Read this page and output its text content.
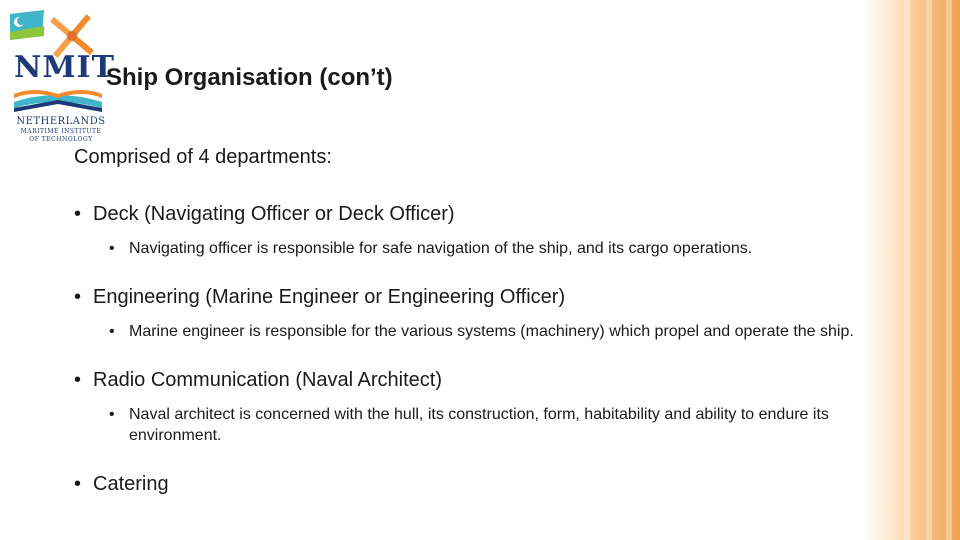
NMIT
NETHERLANDS
MARITIME INSTITUTE
OF TECHNOLOGY
Ship Organisation (con’t)

Comprised of 4 departments:

• Deck (Navigating Officer or Deck Officer)

• Navigating officer is responsible for safe navigation of the ship, and its cargo operations.

• Engineering (Marine Engineer or Engineering Officer)

• Marine engineer is responsible for the various systems (machinery) which propel and operate the ship.

• Radio Communication (Naval Architect)

• Naval architect is concerned with the hull, its construction, form, habitability and ability to endure its environment.

• Catering
